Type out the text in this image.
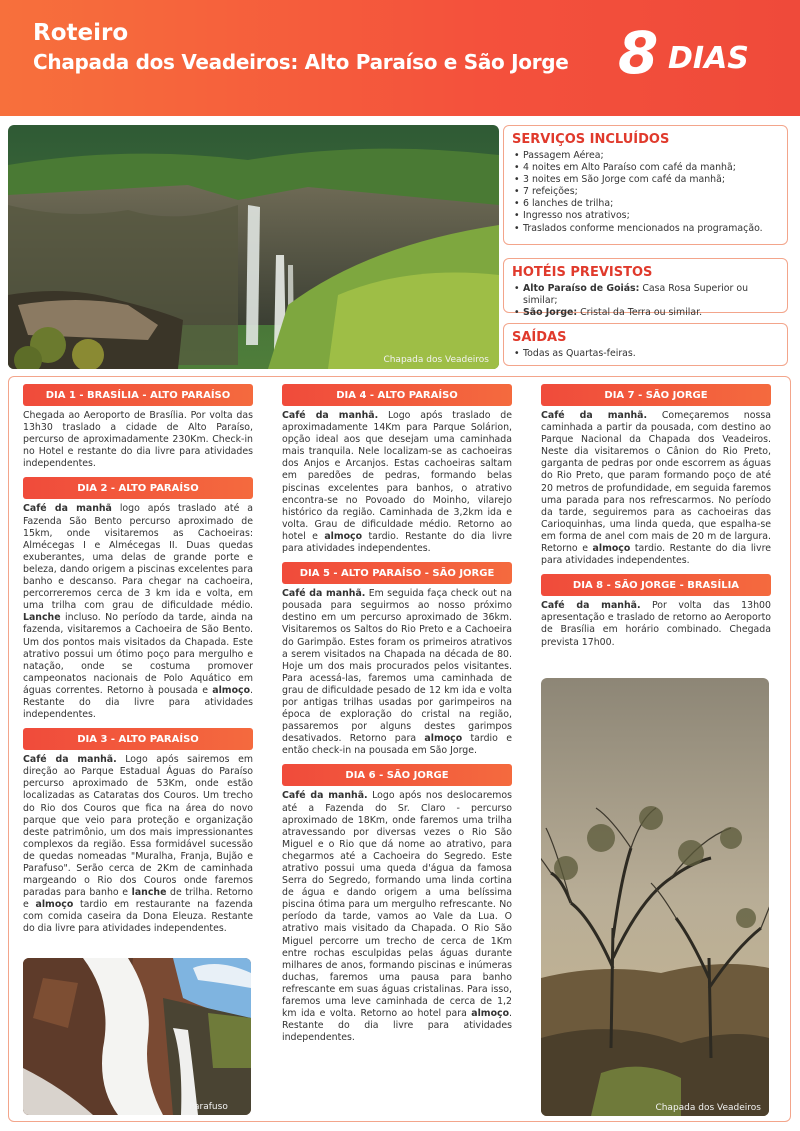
Roteiro
Chapada dos Veadeiros: Alto Paraíso e São Jorge 8 DIAS
Chapada dos Veadeiros
SERVIÇOS INCLUÍDOS
• Passagem Aérea;
• 4 noites em Alto Paraíso com café da manhã;
• 3 noites em São Jorge com café da manhã;
• 7 refeições;
• 6 lanches de trilha;
• Ingresso nos atrativos;
• Traslados conforme mencionados na programação.
HOTÉIS PREVISTOS
• Alto Paraíso de Goiás: Casa Rosa Superior ou similar;
• São Jorge: Cristal da Terra ou similar.
SAÍDAS
• Todas as Quartas-feiras.
DIA 1 - BRASÍLIA - ALTO PARAÍSO

Chegada ao Aeroporto de Brasília. Por volta das 13h30 traslado a cidade de Alto Paraíso, percurso de aproximadamente 230Km. Check-in no Hotel e restante do dia livre para atividades independentes.

DIA 2 - ALTO PARAÍSO

Café da manhã logo após traslado até a Fazenda São Bento percurso aproximado de 15km, onde visitaremos as Cachoeiras: Almécegas I e Almécegas II. Duas quedas exuberantes, uma delas de grande porte e beleza, dando origem a piscinas excelentes para banho e descanso. Para chegar na cachoeira, percorreremos cerca de 3 km ida e volta, em uma trilha com grau de dificuldade médio. Lanche incluso. No período da tarde, ainda na fazenda, visitaremos a Cachoeira de São Bento. Um dos pontos mais visitados da Chapada. Este atrativo possui um ótimo poço para mergulho e natação, onde se costuma promover campeonatos nacionais de Polo Aquático em águas correntes. Retorno à pousada e almoço. Restante do dia livre para atividades independentes.

DIA 3 - ALTO PARAÍSO

Café da manhã. Logo após sairemos em direção ao Parque Estadual Águas do Paraíso percurso aproximado de 53Km, onde estão localizadas as Cataratas dos Couros. Um trecho do Rio dos Couros que fica na área do novo parque que veio para proteção e organização deste patrimônio, um dos mais impressionantes complexos da região. Essa formidável sucessão de quedas nomeadas "Muralha, Franja, Bujão e Parafuso". Serão cerca de 2Km de caminhada margeando o Rio dos Couros onde faremos paradas para banho e lanche de trilha. Retorno e almoço tardio em restaurante na fazenda com comida caseira da Dona Eleuza. Restante do dia livre para atividades independentes.

Parafuso
DIA 4 - ALTO PARAÍSO

Café da manhã. Logo após traslado de aproximadamente 14Km para Parque Solárion, opção ideal aos que desejam uma caminhada mais tranquila. Nele localizam-se as cachoeiras dos Anjos e Arcanjos. Estas cachoeiras saltam em paredões de pedras, formando belas piscinas excelentes para banhos, o atrativo encontra-se no Povoado do Moinho, vilarejo histórico da região. Caminhada de 3,2km ida e volta. Grau de dificuldade médio. Retorno ao hotel e almoço tardio. Restante do dia livre para atividades independentes.

DIA 5 - ALTO PARAÍSO - SÃO JORGE

Café da manhã. Em seguida faça check out na pousada para seguirmos ao nosso próximo destino em um percurso aproximado de 36km. Visitaremos os Saltos do Rio Preto e a Cachoeira do Garimpão. Estes foram os primeiros atrativos a serem visitados na Chapada na década de 80. Hoje um dos mais procurados pelos visitantes. Para acessá-las, faremos uma caminhada de grau de dificuldade pesado de 12 km ida e volta por antigas trilhas usadas por garimpeiros na época de exploração do cristal na região, passaremos por alguns destes garimpos desativados. Retorno para almoço tardio e então check-in na pousada em São Jorge.

DIA 6 - SÃO JORGE

Café da manhã. Logo após nos deslocaremos até a Fazenda do Sr. Claro - percurso aproximado de 18Km, onde faremos uma trilha atravessando por diversas vezes o Rio São Miguel e o Rio que dá nome ao atrativo, para chegarmos até a Cachoeira do Segredo. Este atrativo possui uma queda d'água da famosa Serra do Segredo, formando uma linda cortina de água e dando origem a uma belíssima piscina ótima para um mergulho refrescante. No período da tarde, vamos ao Vale da Lua. O atrativo mais visitado da Chapada. O Rio São Miguel percorre um trecho de cerca de 1Km entre rochas esculpidas pelas águas durante milhares de anos, formando piscinas e inúmeras duchas, faremos uma pausa para banho refrescante em suas águas cristalinas. Para isso, faremos uma leve caminhada de cerca de 1,2 km ida e volta. Retorno ao hotel para almoço. Restante do dia livre para atividades independentes.

DIA 7 - SÃO JORGE

Café da manhã. Começaremos nossa caminhada a partir da pousada, com destino ao Parque Nacional da Chapada dos Veadeiros. Neste dia visitaremos o Cânion do Rio Preto, garganta de pedras por onde escorrem as águas do Rio Preto, que param formando poço de até 20 metros de profundidade, em seguida faremos uma parada para nos refrescarmos. No período da tarde, seguiremos para as cachoeiras das Carioquinhas, uma linda queda, que espalha-se em forma de anel com mais de 20 m de largura. Retorno e almoço tardio. Restante do dia livre para atividades independentes.

DIA 8 - SÃO JORGE - BRASÍLIA

Café da manhã. Por volta das 13h00 apresentação e traslado de retorno ao Aeroporto de Brasília em horário combinado. Chegada prevista 17h00.

Chapada dos Veadeiros
